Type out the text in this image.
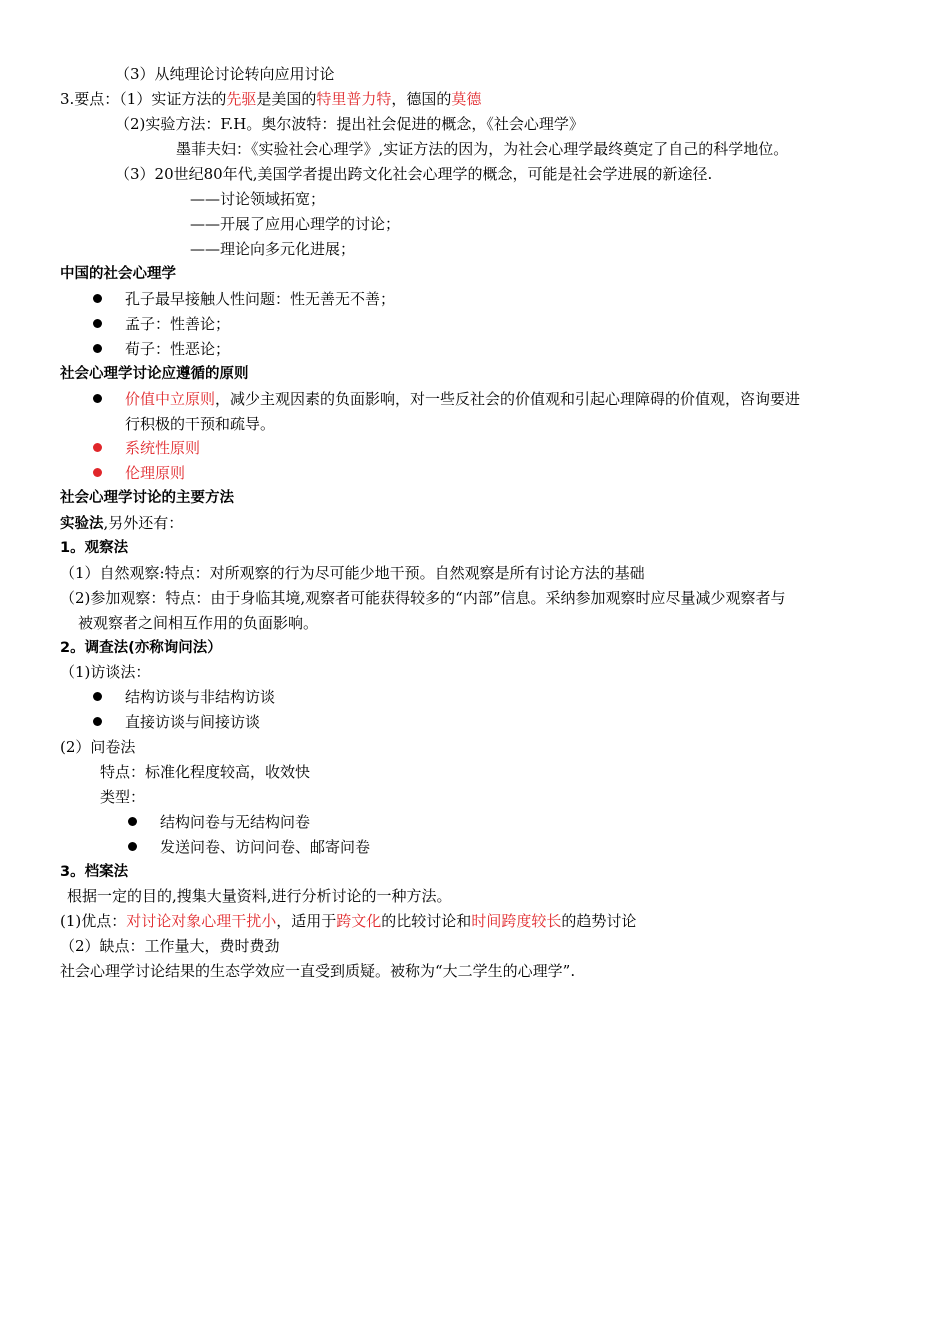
（3）从纯理论讨论转向应用讨论
3.要点：（1）实证方法的先驱是美国的特里普力特，德国的莫德
（2)实验方法：F.H。奥尔波特：提出社会促进的概念，《社会心理学》
墨菲夫妇：《实验社会心理学》,实证方法的因为，为社会心理学最终奠定了自己的科学地位。
（3）20世纪80年代,美国学者提出跨文化社会心理学的概念，可能是社会学进展的新途径.
——讨论领域拓宽；
——开展了应用心理学的讨论；
——理论向多元化进展；
中国的社会心理学
孔子最早接触人性问题：性无善无不善；
孟子：性善论；
荀子：性恶论；
社会心理学讨论应遵循的原则
价值中立原则，减少主观因素的负面影响，对一些反社会的价值观和引起心理障碍的价值观，咨询要进
行积极的干预和疏导。
系统性原则
伦理原则
社会心理学讨论的主要方法
实验法,另外还有：
1。观察法
（1）自然观察:特点：对所观察的行为尽可能少地干预。自然观察是所有讨论方法的基础
（2)参加观察：特点：由于身临其境,观察者可能获得较多的“内部”信息。采纳参加观察时应尽量减少观察者与
被观察者之间相互作用的负面影响。
2。调查法(亦称询问法）
（1)访谈法：
结构访谈与非结构访谈
直接访谈与间接访谈
(2）问卷法
特点：标准化程度较高，收效快
类型：
结构问卷与无结构问卷
发送问卷、访问问卷、邮寄问卷
3。档案法
根据一定的目的,搜集大量资料,进行分析讨论的一种方法。
(1)优点：对讨论对象心理干扰小，适用于跨文化的比较讨论和时间跨度较长的趋势讨论
（2）缺点：工作量大，费时费劲
社会心理学讨论结果的生态学效应一直受到质疑。被称为“大二学生的心理学”.
